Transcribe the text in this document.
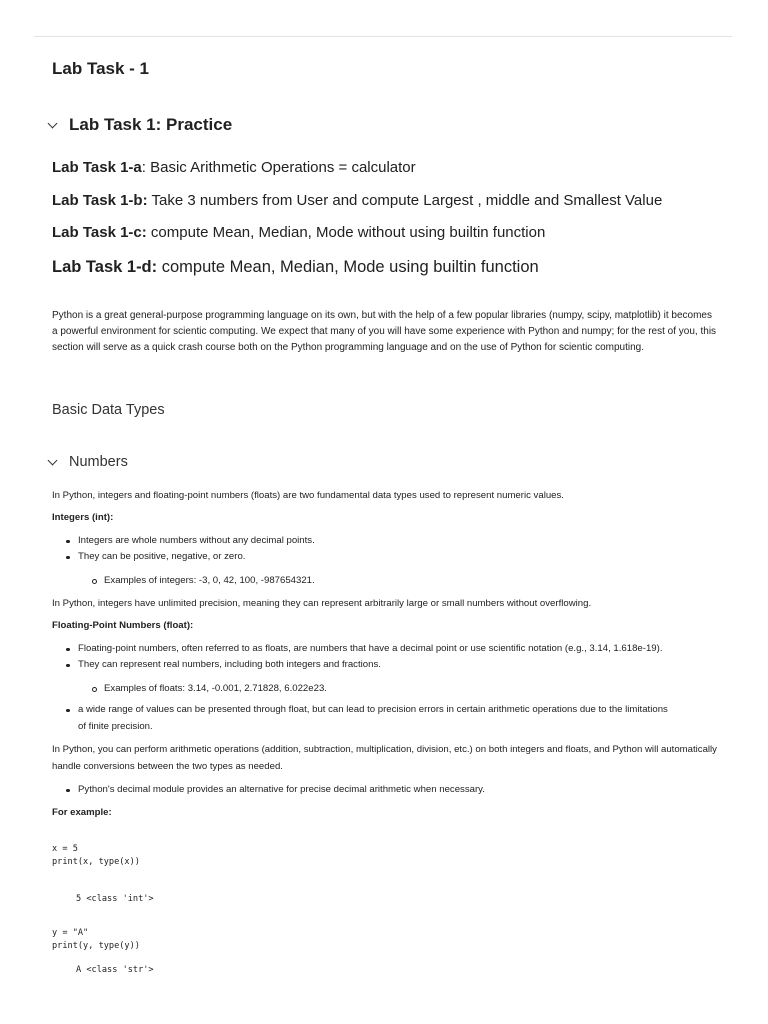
Lab Task - 1
Lab Task 1: Practice
Lab Task 1-a: Basic Arithmetic Operations = calculator
Lab Task 1-b: Take 3 numbers from User and compute Largest , middle and Smallest Value
Lab Task 1-c: compute Mean, Median, Mode without using builtin function
Lab Task 1-d: compute Mean, Median, Mode using builtin function
Python is a great general-purpose programming language on its own, but with the help of a few popular libraries (numpy, scipy, matplotlib) it becomes a powerful environment for scientic computing. We expect that many of you will have some experience with Python and numpy; for the rest of you, this section will serve as a quick crash course both on the Python programming language and on the use of Python for scientic computing.
Basic Data Types
Numbers
In Python, integers and floating-point numbers (floats) are two fundamental data types used to represent numeric values.
Integers (int):
Integers are whole numbers without any decimal points.
They can be positive, negative, or zero.
Examples of integers: -3, 0, 42, 100, -987654321.
In Python, integers have unlimited precision, meaning they can represent arbitrarily large or small numbers without overflowing.
Floating-Point Numbers (float):
Floating-point numbers, often referred to as floats, are numbers that have a decimal point or use scientific notation (e.g., 3.14, 1.618e-19).
They can represent real numbers, including both integers and fractions.
Examples of floats: 3.14, -0.001, 2.71828, 6.022e23.
a wide range of values can be presented through float, but can lead to precision errors in certain arithmetic operations due to the limitations of finite precision.
In Python, you can perform arithmetic operations (addition, subtraction, multiplication, division, etc.) on both integers and floats, and Python will automatically handle conversions between the two types as needed.
Python's decimal module provides an alternative for precise decimal arithmetic when necessary.
For example:
x = 5
print(x, type(x))
5 <class 'int'>
y = "A"
print(y, type(y))
A <class 'str'>
